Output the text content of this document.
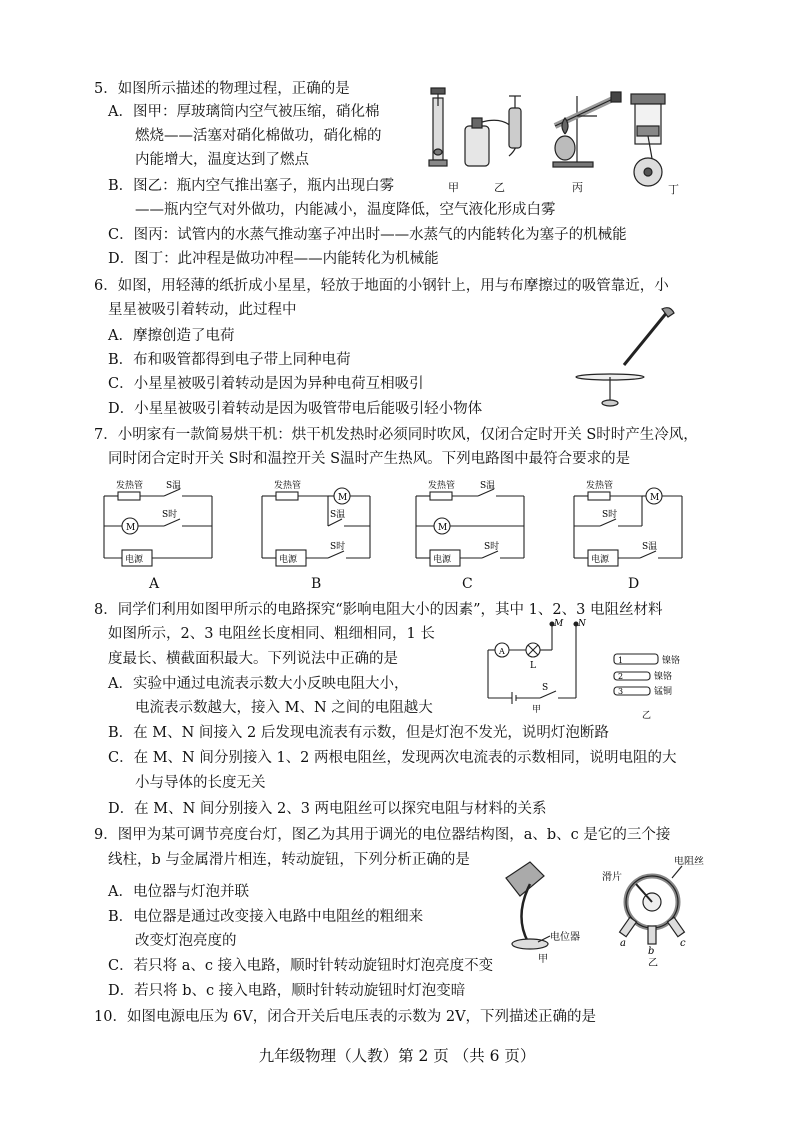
5．如图所示描述的物理过程，正确的是
A．图甲：厚玻璃筒内空气被压缩，硝化棉
燃烧——活塞对硝化棉做功，硝化棉的
内能增大，温度达到了燃点
B．图乙：瓶内空气推出塞子，瓶内出现白雾
——瓶内空气对外做功，内能减小，温度降低，空气液化形成白雾
C．图丙：试管内的水蒸气推动塞子冲出时——水蒸气的内能转化为塞子的机械能
D．图丁：此冲程是做功冲程——内能转化为机械能
甲	乙	丙	丁
6．如图，用轻薄的纸折成小星星，轻放于地面的小钢针上，用与布摩擦过的吸管靠近，小
星星被吸引着转动，此过程中
A．摩擦创造了电荷
B．布和吸管都得到电子带上同种电荷
C．小星星被吸引着转动是因为异种电荷互相吸引
D．小星星被吸引着转动是因为吸管带电后能吸引轻小物体
7．小明家有一款简易烘干机：烘干机发热时必须同时吹风，仅闭合定时开关 S时时产生冷风，
同时闭合定时开关 S时和温控开关 S温时产生热风。下列电路图中最符合要求的是
发热管	S温
M
S时
电源
发热管
M
S温
电源
S时
发热管	S温
M
电源
S时
发热管
M
S时
电源
S温
A	B	C	D
8．同学们利用如图甲所示的电路探究“影响电阻大小的因素”，其中 1、2、3 电阻丝材料
如图所示，2、3 电阻丝长度相同、粗细相同，1 长
度最长、横截面积最大。下列说法中正确的是
A．实验中通过电流表示数大小反映电阻大小，
电流表示数越大，接入 M、N 之间的电阻越大
B．在 M、N 间接入 2 后发现电流表有示数，但是灯泡不发光，说明灯泡断路
C．在 M、N 间分别接入 1、2 两根电阻丝，发现两次电流表的示数相同，说明电阻的大
小与导体的长度无关
D．在 M、N 间分别接入 2、3 两电阻丝可以探究电阻与材料的关系
A
L
M N
S
甲
1
2
3
镍铬
镍铬
锰铜
乙
9．图甲为某可调节亮度台灯，图乙为其用于调光的电位器结构图，a、b、c 是它的三个接
线柱，b 与金属滑片相连，转动旋钮，下列分析正确的是
A．电位器与灯泡并联
B．电位器是通过改变接入电路中电阻丝的粗细来
改变灯泡亮度的
C．若只将 a、c 接入电路，顺时针转动旋钮时灯泡亮度不变
D．若只将 b、c 接入电路，顺时针转动旋钮时灯泡变暗
电位器
甲
滑片
电阻丝
a
b
c
乙
10．如图电源电压为 6V，闭合开关后电压表的示数为 2V，下列描述正确的是
九年级物理（人教）第 2 页 （共 6 页）
